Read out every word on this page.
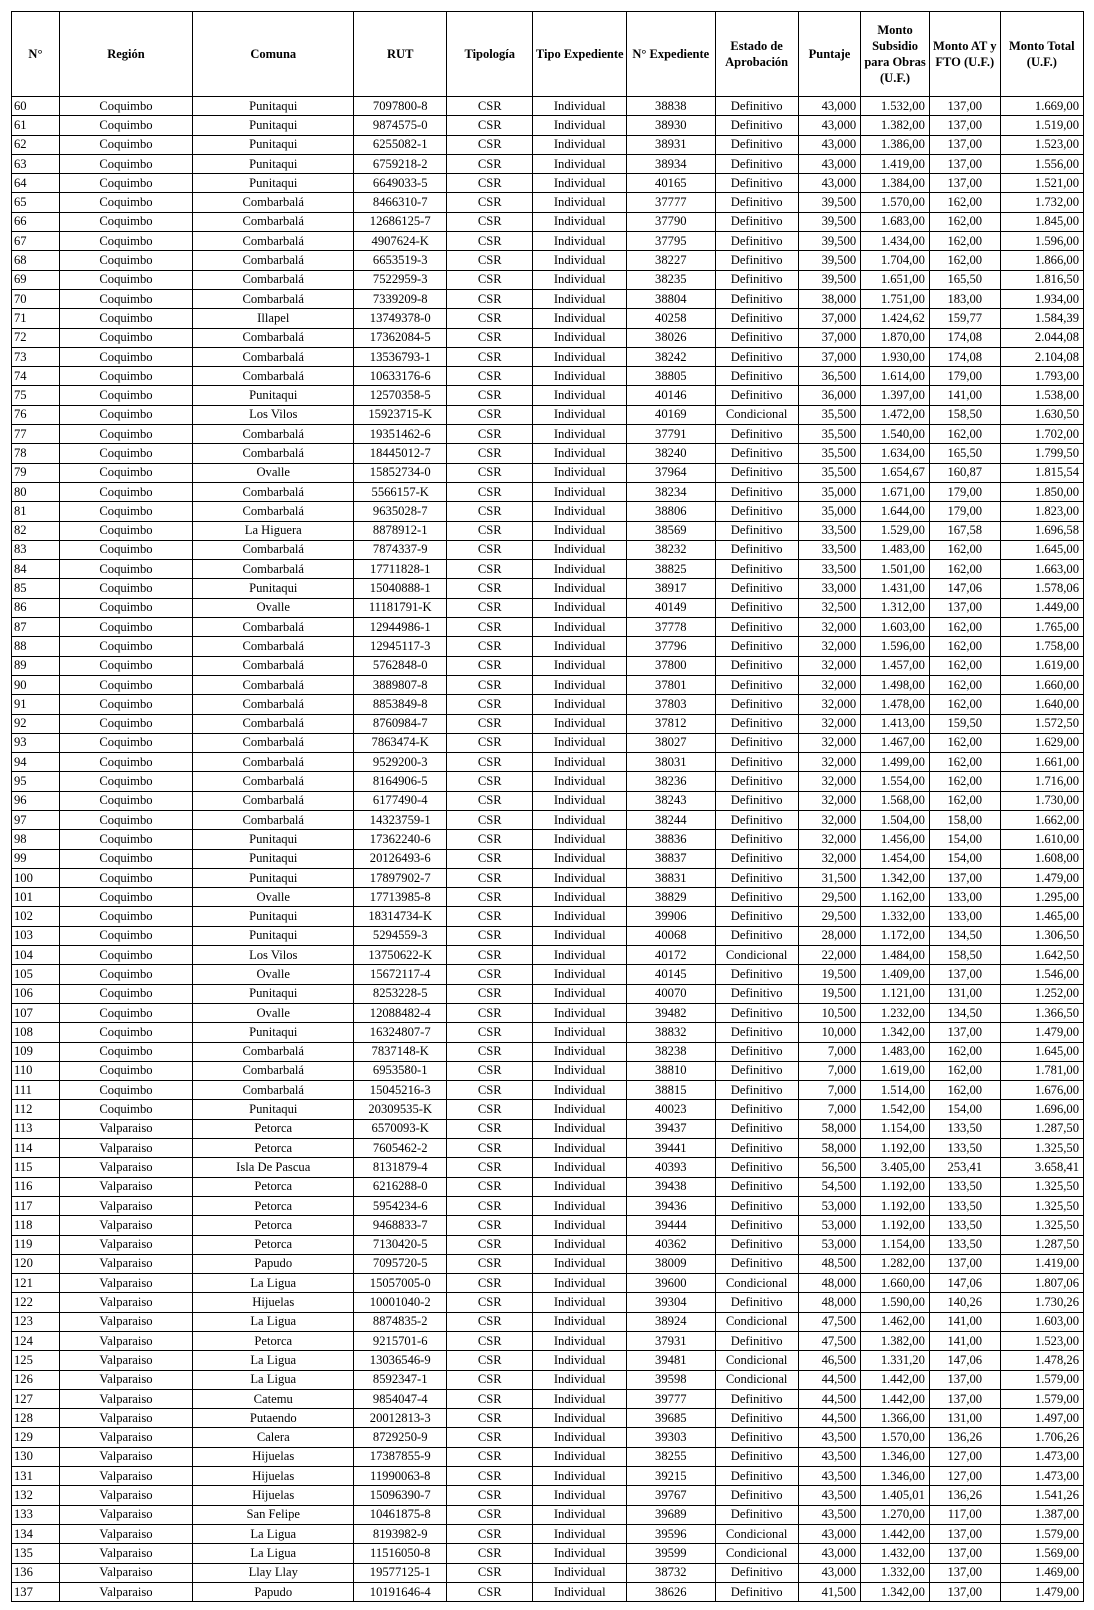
N°	Región	Comuna	RUT	Tipología	Tipo Expediente	N° Expediente	Estado de Aprobación	Puntaje	Monto Subsidio para Obras (U.F.)	Monto AT y FTO (U.F.)	Monto Total (U.F.)
60	Coquimbo	Punitaqui	7097800-8	CSR	Individual	38838	Definitivo	43,000	1.532,00	137,00	1.669,00
61	Coquimbo	Punitaqui	9874575-0	CSR	Individual	38930	Definitivo	43,000	1.382,00	137,00	1.519,00
62	Coquimbo	Punitaqui	6255082-1	CSR	Individual	38931	Definitivo	43,000	1.386,00	137,00	1.523,00
63	Coquimbo	Punitaqui	6759218-2	CSR	Individual	38934	Definitivo	43,000	1.419,00	137,00	1.556,00
64	Coquimbo	Punitaqui	6649033-5	CSR	Individual	40165	Definitivo	43,000	1.384,00	137,00	1.521,00
65	Coquimbo	Combarbalá	8466310-7	CSR	Individual	37777	Definitivo	39,500	1.570,00	162,00	1.732,00
66	Coquimbo	Combarbalá	12686125-7	CSR	Individual	37790	Definitivo	39,500	1.683,00	162,00	1.845,00
67	Coquimbo	Combarbalá	4907624-K	CSR	Individual	37795	Definitivo	39,500	1.434,00	162,00	1.596,00
68	Coquimbo	Combarbalá	6653519-3	CSR	Individual	38227	Definitivo	39,500	1.704,00	162,00	1.866,00
69	Coquimbo	Combarbalá	7522959-3	CSR	Individual	38235	Definitivo	39,500	1.651,00	165,50	1.816,50
70	Coquimbo	Combarbalá	7339209-8	CSR	Individual	38804	Definitivo	38,000	1.751,00	183,00	1.934,00
71	Coquimbo	Illapel	13749378-0	CSR	Individual	40258	Definitivo	37,000	1.424,62	159,77	1.584,39
72	Coquimbo	Combarbalá	17362084-5	CSR	Individual	38026	Definitivo	37,000	1.870,00	174,08	2.044,08
73	Coquimbo	Combarbalá	13536793-1	CSR	Individual	38242	Definitivo	37,000	1.930,00	174,08	2.104,08
74	Coquimbo	Combarbalá	10633176-6	CSR	Individual	38805	Definitivo	36,500	1.614,00	179,00	1.793,00
75	Coquimbo	Punitaqui	12570358-5	CSR	Individual	40146	Definitivo	36,000	1.397,00	141,00	1.538,00
76	Coquimbo	Los Vilos	15923715-K	CSR	Individual	40169	Condicional	35,500	1.472,00	158,50	1.630,50
77	Coquimbo	Combarbalá	19351462-6	CSR	Individual	37791	Definitivo	35,500	1.540,00	162,00	1.702,00
78	Coquimbo	Combarbalá	18445012-7	CSR	Individual	38240	Definitivo	35,500	1.634,00	165,50	1.799,50
79	Coquimbo	Ovalle	15852734-0	CSR	Individual	37964	Definitivo	35,500	1.654,67	160,87	1.815,54
80	Coquimbo	Combarbalá	5566157-K	CSR	Individual	38234	Definitivo	35,000	1.671,00	179,00	1.850,00
81	Coquimbo	Combarbalá	9635028-7	CSR	Individual	38806	Definitivo	35,000	1.644,00	179,00	1.823,00
82	Coquimbo	La Higuera	8878912-1	CSR	Individual	38569	Definitivo	33,500	1.529,00	167,58	1.696,58
83	Coquimbo	Combarbalá	7874337-9	CSR	Individual	38232	Definitivo	33,500	1.483,00	162,00	1.645,00
84	Coquimbo	Combarbalá	17711828-1	CSR	Individual	38825	Definitivo	33,500	1.501,00	162,00	1.663,00
85	Coquimbo	Punitaqui	15040888-1	CSR	Individual	38917	Definitivo	33,000	1.431,00	147,06	1.578,06
86	Coquimbo	Ovalle	11181791-K	CSR	Individual	40149	Definitivo	32,500	1.312,00	137,00	1.449,00
87	Coquimbo	Combarbalá	12944986-1	CSR	Individual	37778	Definitivo	32,000	1.603,00	162,00	1.765,00
88	Coquimbo	Combarbalá	12945117-3	CSR	Individual	37796	Definitivo	32,000	1.596,00	162,00	1.758,00
89	Coquimbo	Combarbalá	5762848-0	CSR	Individual	37800	Definitivo	32,000	1.457,00	162,00	1.619,00
90	Coquimbo	Combarbalá	3889807-8	CSR	Individual	37801	Definitivo	32,000	1.498,00	162,00	1.660,00
91	Coquimbo	Combarbalá	8853849-8	CSR	Individual	37803	Definitivo	32,000	1.478,00	162,00	1.640,00
92	Coquimbo	Combarbalá	8760984-7	CSR	Individual	37812	Definitivo	32,000	1.413,00	159,50	1.572,50
93	Coquimbo	Combarbalá	7863474-K	CSR	Individual	38027	Definitivo	32,000	1.467,00	162,00	1.629,00
94	Coquimbo	Combarbalá	9529200-3	CSR	Individual	38031	Definitivo	32,000	1.499,00	162,00	1.661,00
95	Coquimbo	Combarbalá	8164906-5	CSR	Individual	38236	Definitivo	32,000	1.554,00	162,00	1.716,00
96	Coquimbo	Combarbalá	6177490-4	CSR	Individual	38243	Definitivo	32,000	1.568,00	162,00	1.730,00
97	Coquimbo	Combarbalá	14323759-1	CSR	Individual	38244	Definitivo	32,000	1.504,00	158,00	1.662,00
98	Coquimbo	Punitaqui	17362240-6	CSR	Individual	38836	Definitivo	32,000	1.456,00	154,00	1.610,00
99	Coquimbo	Punitaqui	20126493-6	CSR	Individual	38837	Definitivo	32,000	1.454,00	154,00	1.608,00
100	Coquimbo	Punitaqui	17897902-7	CSR	Individual	38831	Definitivo	31,500	1.342,00	137,00	1.479,00
101	Coquimbo	Ovalle	17713985-8	CSR	Individual	38829	Definitivo	29,500	1.162,00	133,00	1.295,00
102	Coquimbo	Punitaqui	18314734-K	CSR	Individual	39906	Definitivo	29,500	1.332,00	133,00	1.465,00
103	Coquimbo	Punitaqui	5294559-3	CSR	Individual	40068	Definitivo	28,000	1.172,00	134,50	1.306,50
104	Coquimbo	Los Vilos	13750622-K	CSR	Individual	40172	Condicional	22,000	1.484,00	158,50	1.642,50
105	Coquimbo	Ovalle	15672117-4	CSR	Individual	40145	Definitivo	19,500	1.409,00	137,00	1.546,00
106	Coquimbo	Punitaqui	8253228-5	CSR	Individual	40070	Definitivo	19,500	1.121,00	131,00	1.252,00
107	Coquimbo	Ovalle	12088482-4	CSR	Individual	39482	Definitivo	10,500	1.232,00	134,50	1.366,50
108	Coquimbo	Punitaqui	16324807-7	CSR	Individual	38832	Definitivo	10,000	1.342,00	137,00	1.479,00
109	Coquimbo	Combarbalá	7837148-K	CSR	Individual	38238	Definitivo	7,000	1.483,00	162,00	1.645,00
110	Coquimbo	Combarbalá	6953580-1	CSR	Individual	38810	Definitivo	7,000	1.619,00	162,00	1.781,00
111	Coquimbo	Combarbalá	15045216-3	CSR	Individual	38815	Definitivo	7,000	1.514,00	162,00	1.676,00
112	Coquimbo	Punitaqui	20309535-K	CSR	Individual	40023	Definitivo	7,000	1.542,00	154,00	1.696,00
113	Valparaiso	Petorca	6570093-K	CSR	Individual	39437	Definitivo	58,000	1.154,00	133,50	1.287,50
114	Valparaiso	Petorca	7605462-2	CSR	Individual	39441	Definitivo	58,000	1.192,00	133,50	1.325,50
115	Valparaiso	Isla De Pascua	8131879-4	CSR	Individual	40393	Definitivo	56,500	3.405,00	253,41	3.658,41
116	Valparaiso	Petorca	6216288-0	CSR	Individual	39438	Definitivo	54,500	1.192,00	133,50	1.325,50
117	Valparaiso	Petorca	5954234-6	CSR	Individual	39436	Definitivo	53,000	1.192,00	133,50	1.325,50
118	Valparaiso	Petorca	9468833-7	CSR	Individual	39444	Definitivo	53,000	1.192,00	133,50	1.325,50
119	Valparaiso	Petorca	7130420-5	CSR	Individual	40362	Definitivo	53,000	1.154,00	133,50	1.287,50
120	Valparaiso	Papudo	7095720-5	CSR	Individual	38009	Definitivo	48,500	1.282,00	137,00	1.419,00
121	Valparaiso	La Ligua	15057005-0	CSR	Individual	39600	Condicional	48,000	1.660,00	147,06	1.807,06
122	Valparaiso	Hijuelas	10001040-2	CSR	Individual	39304	Definitivo	48,000	1.590,00	140,26	1.730,26
123	Valparaiso	La Ligua	8874835-2	CSR	Individual	38924	Condicional	47,500	1.462,00	141,00	1.603,00
124	Valparaiso	Petorca	9215701-6	CSR	Individual	37931	Definitivo	47,500	1.382,00	141,00	1.523,00
125	Valparaiso	La Ligua	13036546-9	CSR	Individual	39481	Condicional	46,500	1.331,20	147,06	1.478,26
126	Valparaiso	La Ligua	8592347-1	CSR	Individual	39598	Condicional	44,500	1.442,00	137,00	1.579,00
127	Valparaiso	Catemu	9854047-4	CSR	Individual	39777	Definitivo	44,500	1.442,00	137,00	1.579,00
128	Valparaiso	Putaendo	20012813-3	CSR	Individual	39685	Definitivo	44,500	1.366,00	131,00	1.497,00
129	Valparaiso	Calera	8729250-9	CSR	Individual	39303	Definitivo	43,500	1.570,00	136,26	1.706,26
130	Valparaiso	Hijuelas	17387855-9	CSR	Individual	38255	Definitivo	43,500	1.346,00	127,00	1.473,00
131	Valparaiso	Hijuelas	11990063-8	CSR	Individual	39215	Definitivo	43,500	1.346,00	127,00	1.473,00
132	Valparaiso	Hijuelas	15096390-7	CSR	Individual	39767	Definitivo	43,500	1.405,01	136,26	1.541,26
133	Valparaiso	San Felipe	10461875-8	CSR	Individual	39689	Definitivo	43,500	1.270,00	117,00	1.387,00
134	Valparaiso	La Ligua	8193982-9	CSR	Individual	39596	Condicional	43,000	1.442,00	137,00	1.579,00
135	Valparaiso	La Ligua	11516050-8	CSR	Individual	39599	Condicional	43,000	1.432,00	137,00	1.569,00
136	Valparaiso	Llay Llay	19577125-1	CSR	Individual	38732	Definitivo	43,000	1.332,00	137,00	1.469,00
137	Valparaiso	Papudo	10191646-4	CSR	Individual	38626	Definitivo	41,500	1.342,00	137,00	1.479,00
